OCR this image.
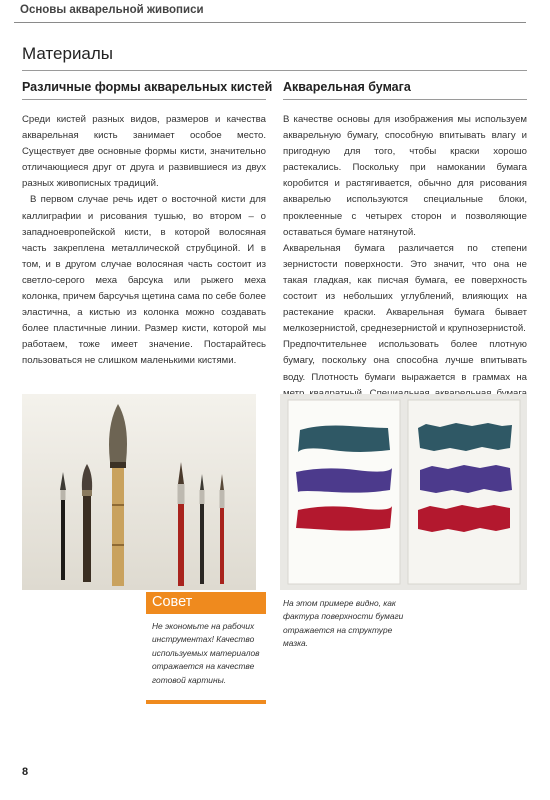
Основы акварельной живописи
Материалы
Различные формы акварельных кистей

Среди кистей разных видов, размеров и качества акварельная кисть занимает особое место. Существует две основные формы кисти, значительно отличающиеся друг от друга и развившиеся из двух разных живописных традиций.

В первом случае речь идет о восточной кисти для каллиграфии и рисования тушью, во втором – о западноевропейской кисти, в которой волосяная часть закреплена металлической струбциной. И в том, и в другом случае волосяная часть состоит из светло-серого меха барсука или рыжего меха колонка, причем барсучья щетина сама по себе более эластична, а кистью из колонка можно создавать более пластичные линии. Размер кисти, которой мы работаем, тоже имеет значение. Постарайтесь пользоваться не слишком маленькими кистями.

Акварельная бумага

В качестве основы для изображения мы используем акварельную бумагу, способную впитывать влагу и пригодную для того, чтобы краски хорошо растекались. Поскольку при намокании бумага коробится и растягивается, обычно для рисования акварелью используются специальные блоки, проклеенные с четырех сторон и позволяющие оставаться бумаге натянутой.

Акварельная бумага различается по степени зернистости поверхности. Это значит, что она не такая гладкая, как писчая бумага, ее поверхность состоит из небольших углублений, влияющих на растекание краски. Акварельная бумага бывает мелкозернистой, среднезернистой и крупнозернистой.

Предпочтительнее использовать более плотную бумагу, поскольку она способна лучше впитывать воду. Плотность бумаги выражается в граммах на

Совет
Не экономьте на рабочих инструментах! Качество используемых материалов отражается на качестве готовой картины.
На этом примере видно, как фактура поверхности бумаги отражается на структуре мазка.
8
